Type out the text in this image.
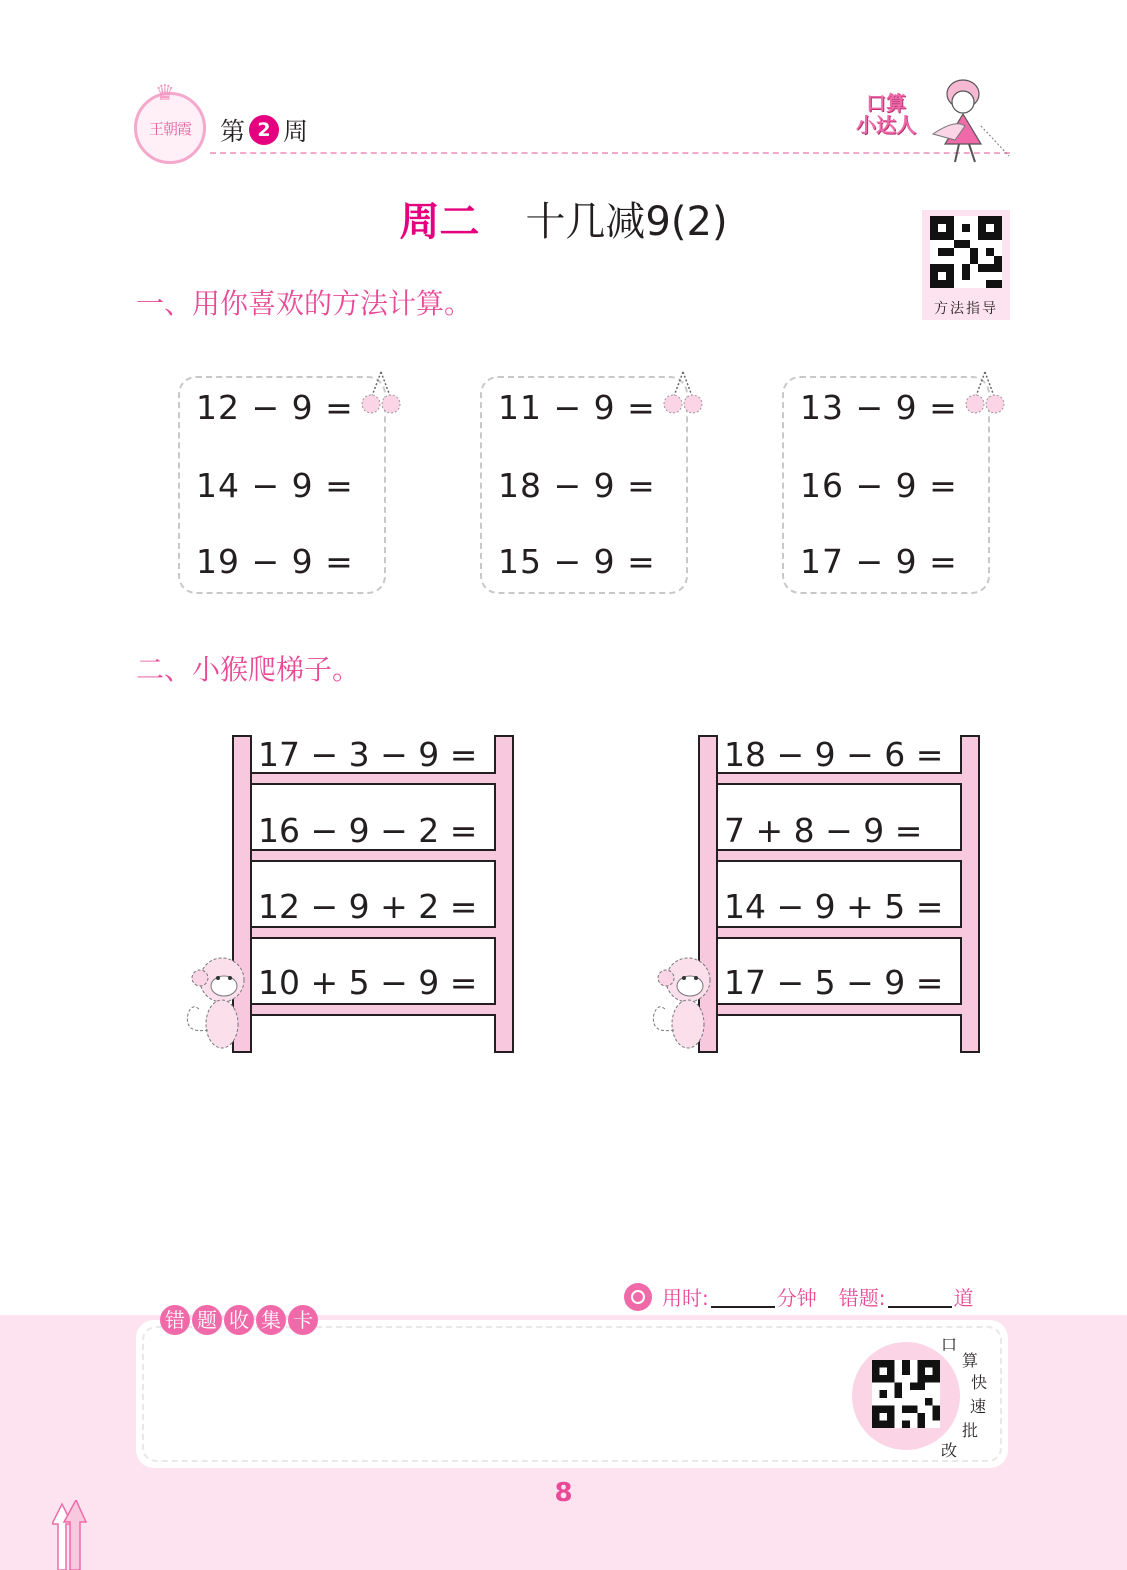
♛
王朝霞 第 2 周
口算
小达人
周二 十几减9(2)
方法指导
一、用你喜欢的方法计算。
12 − 9 =
14 − 9 =
19 − 9 =
11 − 9 =
18 − 9 =
15 − 9 =
13 − 9 =
16 − 9 =
17 − 9 =
二、小猴爬梯子。
17 − 3 − 9 =
16 − 9 − 2 =
12 − 9 + 2 =
10 + 5 − 9 =
18 − 9 − 6 =
7 + 8 − 9 =
14 − 9 + 5 =
17 − 5 − 9 =
用时:	分钟 错题:	道
错 题 收 集 卡
口
算
快
速
批
改
8
